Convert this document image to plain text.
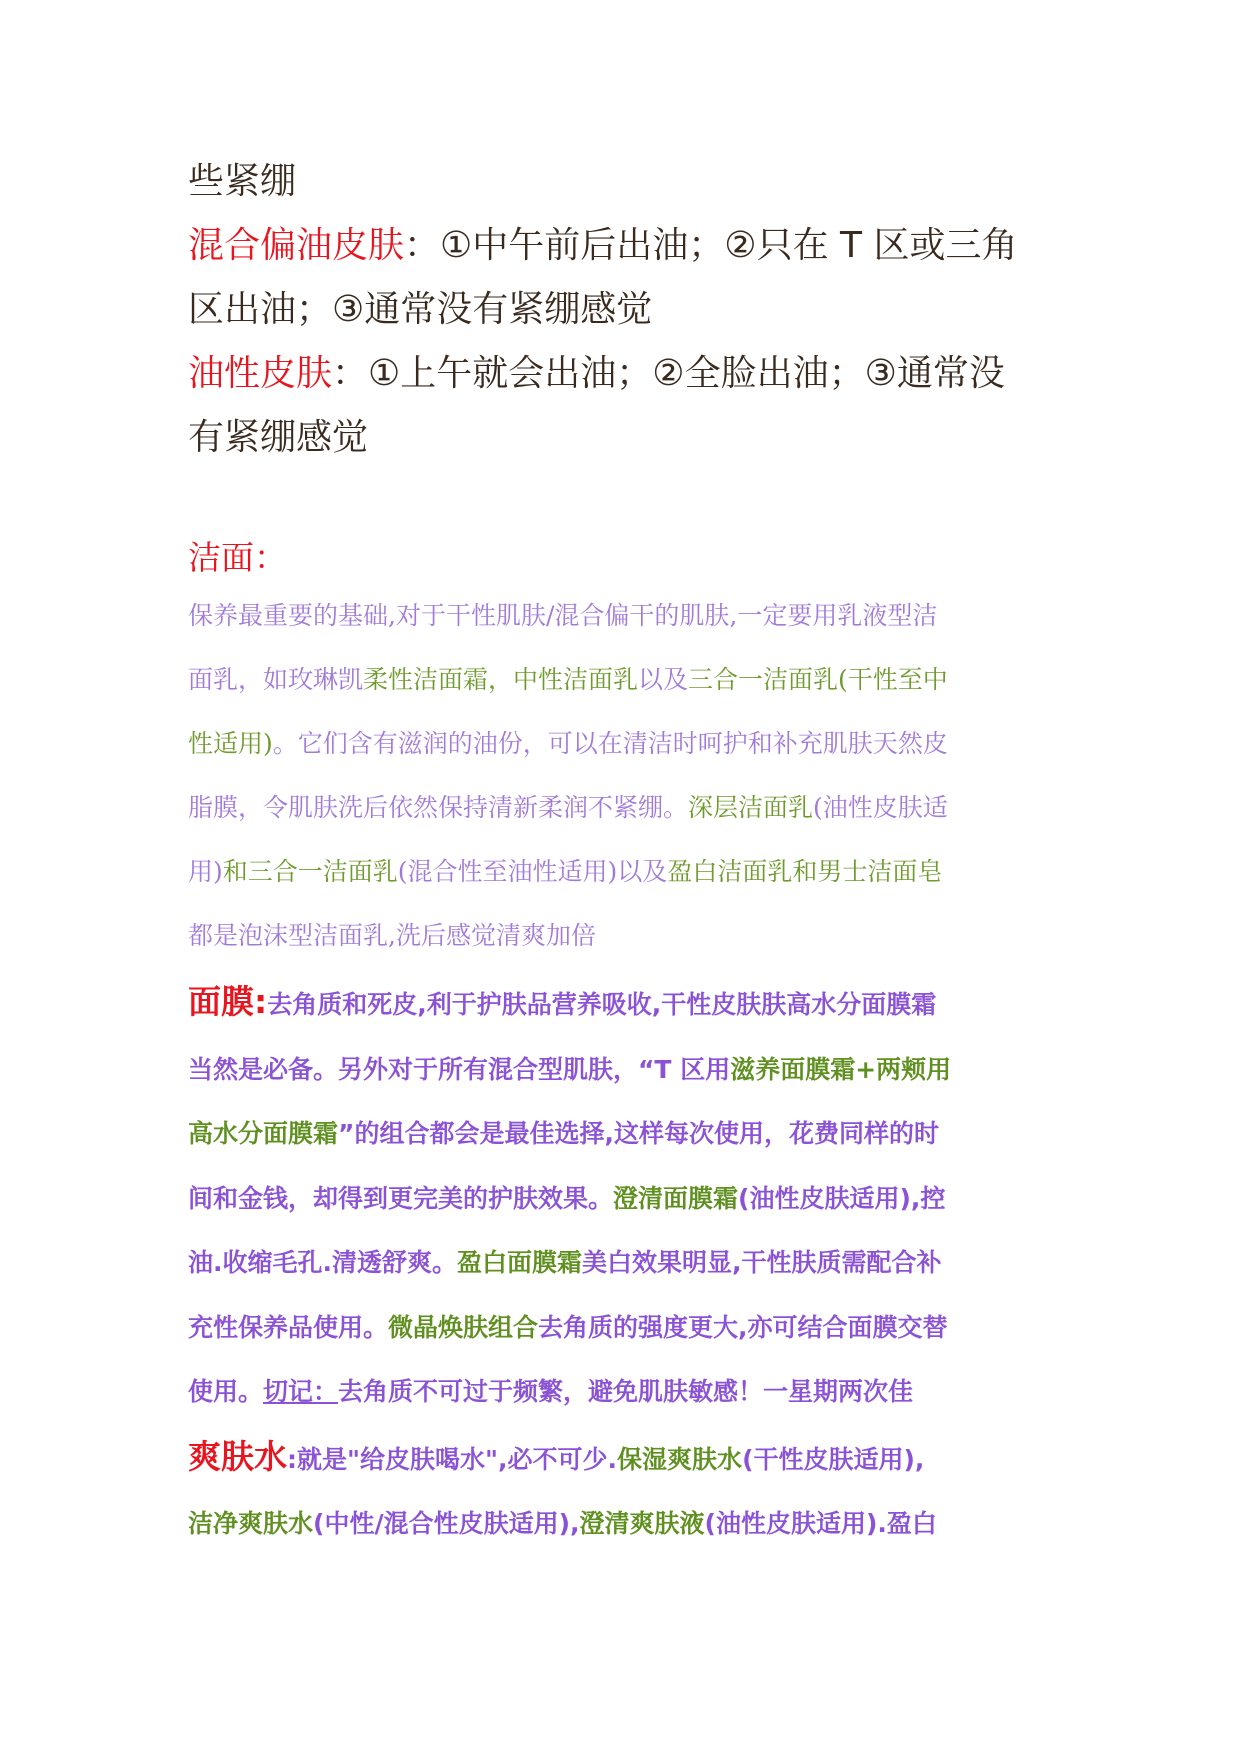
些紧绷

混合偏油皮肤：①中午前后出油；②只在 T 区或三角

区出油；③通常没有紧绷感觉

油性皮肤：①上午就会出油；②全脸出油；③通常没

有紧绷感觉

洁面：

保养最重要的基础,对于干性肌肤/混合偏干的肌肤,一定要用乳液型洁

面乳，如玫琳凯柔性洁面霜，中性洁面乳以及三合一洁面乳(干性至中

性适用)。它们含有滋润的油份，可以在清洁时呵护和补充肌肤天然皮

脂膜，令肌肤洗后依然保持清新柔润不紧绷。深层洁面乳(油性皮肤适

用)和三合一洁面乳(混合性至油性适用)以及盈白洁面乳和男士洁面皂

都是泡沫型洁面乳,洗后感觉清爽加倍

面膜:去角质和死皮,利于护肤品营养吸收,干性皮肤肤高水分面膜霜

当然是必备。另外对于所有混合型肌肤，“T 区用滋养面膜霜+两颊用

高水分面膜霜”的组合都会是最佳选择,这样每次使用，花费同样的时

间和金钱，却得到更完美的护肤效果。澄清面膜霜(油性皮肤适用),控

油.收缩毛孔.清透舒爽。盈白面膜霜美白效果明显,干性肤质需配合补

充性保养品使用。微晶焕肤组合去角质的强度更大,亦可结合面膜交替

使用。切记：去角质不可过于频繁，避免肌肤敏感！一星期两次佳

爽肤水:就是"给皮肤喝水",必不可少.保湿爽肤水(干性皮肤适用),

洁净爽肤水(中性/混合性皮肤适用),澄清爽肤液(油性皮肤适用).盈白
